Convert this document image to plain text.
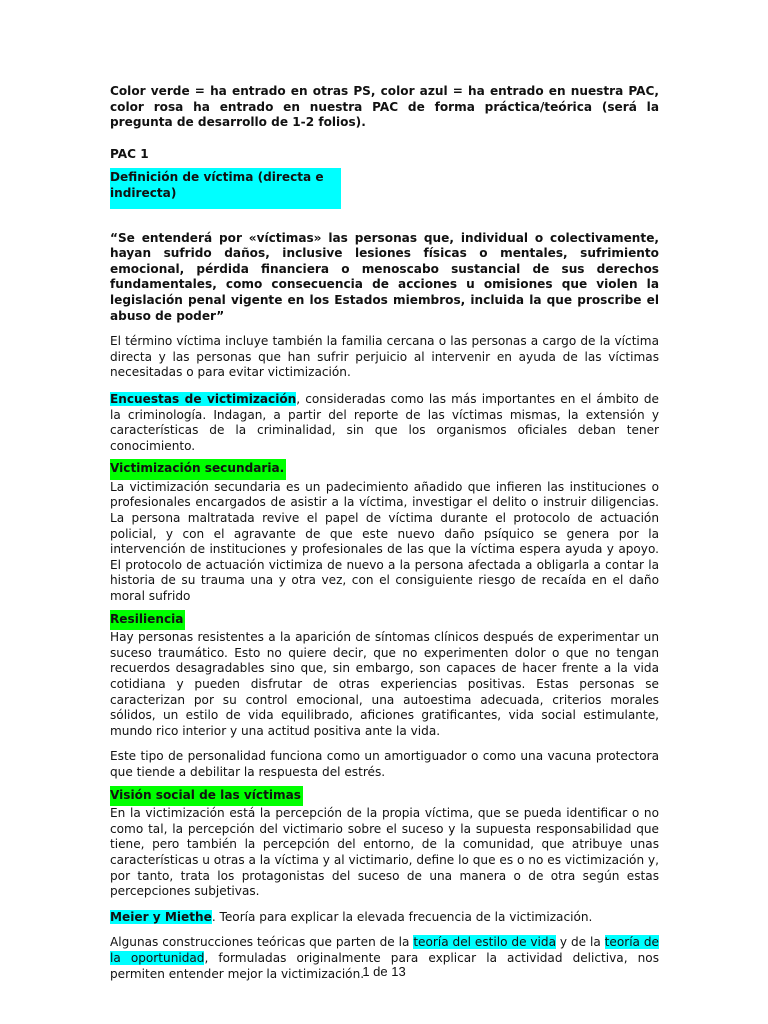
Color verde = ha entrado en otras PS, color azul = ha entrado en nuestra PAC, color rosa ha entrado en nuestra PAC de forma práctica/teórica (será la pregunta de desarrollo de 1-2 folios).

PAC 1

Definición de víctima (directa e indirecta)

“Se entenderá por «víctimas» las personas que, individual o colectivamente, hayan sufrido daños, inclusive lesiones físicas o mentales, sufrimiento emocional, pérdida financiera o menoscabo sustancial de sus derechos fundamentales, como consecuencia de acciones u omisiones que violen la legislación penal vigente en los Estados miembros, incluida la que proscribe el abuso de poder”

El término víctima incluye también la familia cercana o las personas a cargo de la víctima directa y las personas que han sufrir perjuicio al intervenir en ayuda de las víctimas necesitadas o para evitar victimización.

Encuestas de victimización, consideradas como las más importantes en el ámbito de la criminología. Indagan, a partir del reporte de las víctimas mismas, la extensión y características de la criminalidad, sin que los organismos oficiales deban tener conocimiento.

Victimización secundaria.

La victimización secundaria es un padecimiento añadido que infieren las instituciones o profesionales encargados de asistir a la víctima, investigar el delito o instruir diligencias. La persona maltratada revive el papel de víctima durante el protocolo de actuación policial, y con el agravante de que este nuevo daño psíquico se genera por la intervención de instituciones y profesionales de las que la víctima espera ayuda y apoyo. El protocolo de actuación victimiza de nuevo a la persona afectada a obligarla a contar la historia de su trauma una y otra vez, con el consiguiente riesgo de recaída en el daño moral sufrido

Resiliencia

Hay personas resistentes a la aparición de síntomas clínicos después de experimentar un suceso traumático. Esto no quiere decir, que no experimenten dolor o que no tengan recuerdos desagradables sino que, sin embargo, son capaces de hacer frente a la vida cotidiana y pueden disfrutar de otras experiencias positivas. Estas personas se caracterizan por su control emocional, una autoestima adecuada, criterios morales sólidos, un estilo de vida equilibrado, aficiones gratificantes, vida social estimulante, mundo rico interior y una actitud positiva ante la vida.

Este tipo de personalidad funciona como un amortiguador o como una vacuna protectora que tiende a debilitar la respuesta del estrés.

Visión social de las víctimas

En la victimización está la percepción de la propia víctima, que se pueda identificar o no como tal, la percepción del victimario sobre el suceso y la supuesta responsabilidad que tiene, pero también la percepción del entorno, de la comunidad, que atribuye unas características u otras a la víctima y al victimario, define lo que es o no es victimización y, por tanto, trata los protagonistas del suceso de una manera o de otra según estas percepciones subjetivas.

Meier y Miethe. Teoría para explicar la elevada frecuencia de la victimización.

Algunas construcciones teóricas que parten de la teoría del estilo de vida y de la teoría de la oportunidad, formuladas originalmente para explicar la actividad delictiva, nos permiten entender mejor la victimización.

1 de 13
